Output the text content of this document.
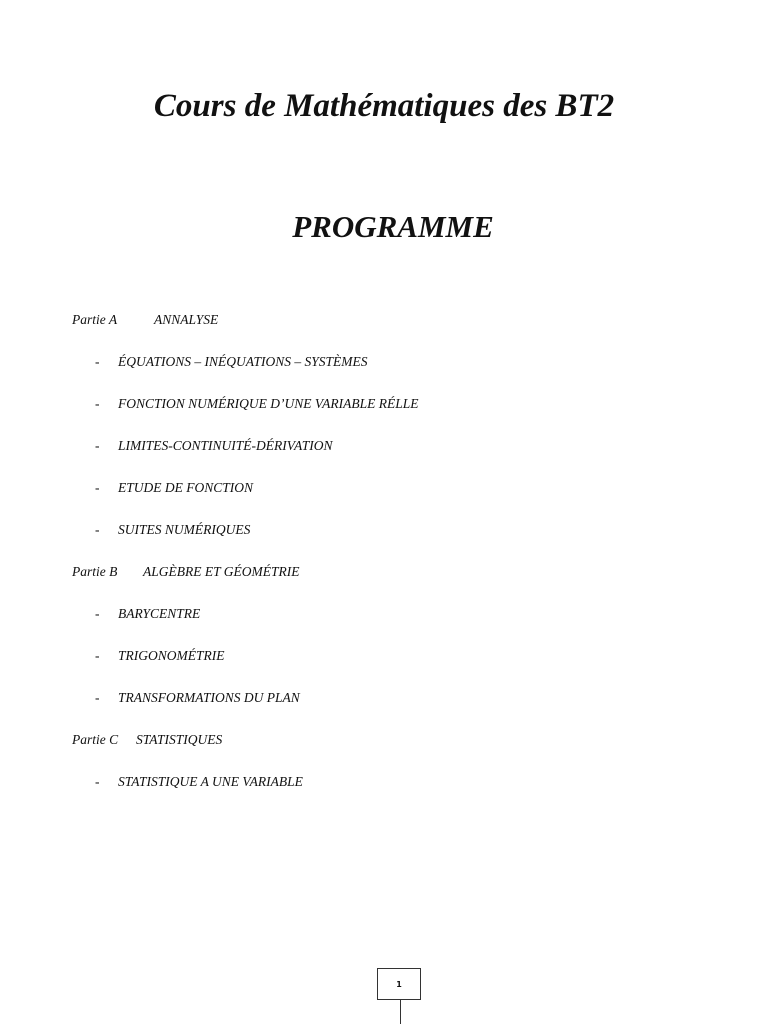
Cours de Mathématiques des BT2
PROGRAMME
Partie A	ANNALYSE
- ÉQUATIONS – INÉQUATIONS – SYSTÈMES
- FONCTION NUMÉRIQUE D’UNE VARIABLE RÉLLE
- LIMITES-CONTINUITÉ-DÉRIVATION
- ETUDE DE FONCTION
- SUITES NUMÉRIQUES
Partie B ALGÈBRE ET GÉOMÉTRIE
- BARYCENTRE
- TRIGONOMÉTRIE
- TRANSFORMATIONS DU PLAN
Partie C STATISTIQUES
- STATISTIQUE A UNE VARIABLE
1
